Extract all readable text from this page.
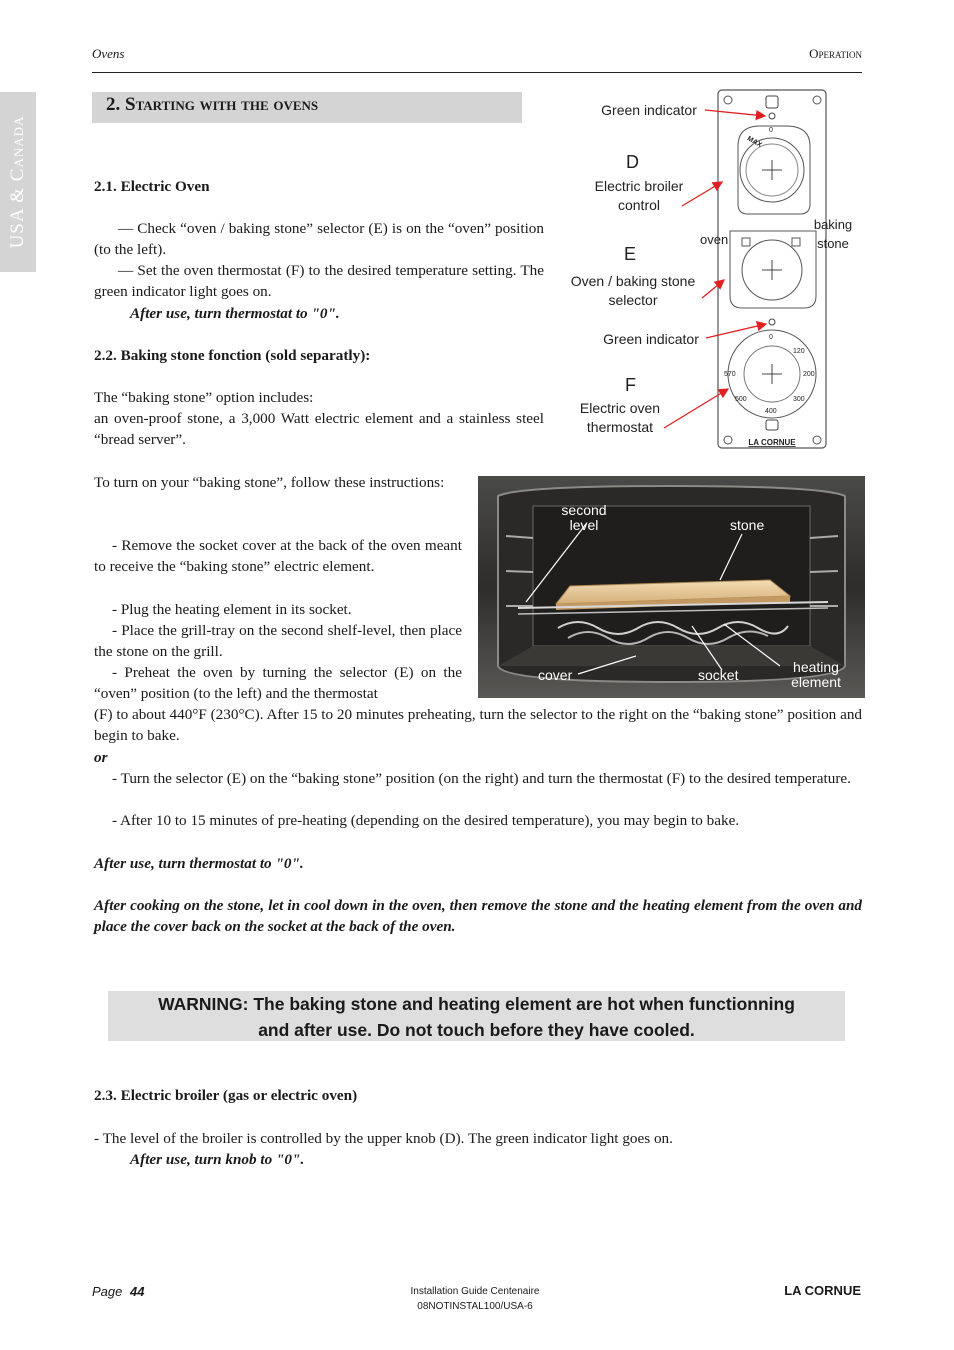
Ovens	Operation
USA & Canada
2. Starting with the ovens
2.1. Electric Oven

— Check “oven / baking stone” selector (E) is on the “oven” position (to the left).

— Set the oven thermostat (F) to the desired temperature setting. The green indicator light goes on.

After use, turn thermostat to "0".
2.2. Baking stone fonction (sold separatly):
The “baking stone” option includes:

an oven-proof stone, a 3,000 Watt electric element and a stainless steel “bread server”.

To turn on your “baking stone”, follow these instructions:

- Remove the socket cover at the back of the oven meant to receive the “baking stone” electric element.

- Plug the heating element in its socket.

- Place the grill-tray on the second shelf-level, then place the stone on the grill.

- Preheat the oven by turning the selector (E) on the “oven” position (to the left) and the thermostat

(F) to about 440°F (230°C). After 15 to 20 minutes preheating, turn the selector to the right on the “baking stone” position and begin to bake.

or

- Turn the selector (E) on the “baking stone” position (on the right) and turn the thermostat (F) to the desired temperature.

- After 10 to 15 minutes of pre-heating (depending on the desired temperature), you may begin to bake.

After use, turn thermostat to "0".

After cooking on the stone, let in cool down in the oven, then remove the stone and the heating element from the oven and place the cover back on the socket at the back of the oven.

WARNING: The baking stone and heating element are hot when functionning
and after use. Do not touch before they have cooled.
2.3. Electric broiler (gas or electric oven)
- The level of the broiler is controlled by the upper knob (D). The green indicator light goes on.
After use, turn knob to "0".
MAX
0
0
120
200
300
400
500
570
LA CORNUE
Green indicator
D
Electric broiler
control
E
Oven / baking stone
selector
oven
baking
stone
Green indicator
F
Electric oven
thermostat
second
level	stone
cover	socket	heating
element
Page 44	Installation Guide Centenaire
08NOTINSTAL100/USA-6
LA CORNUE
